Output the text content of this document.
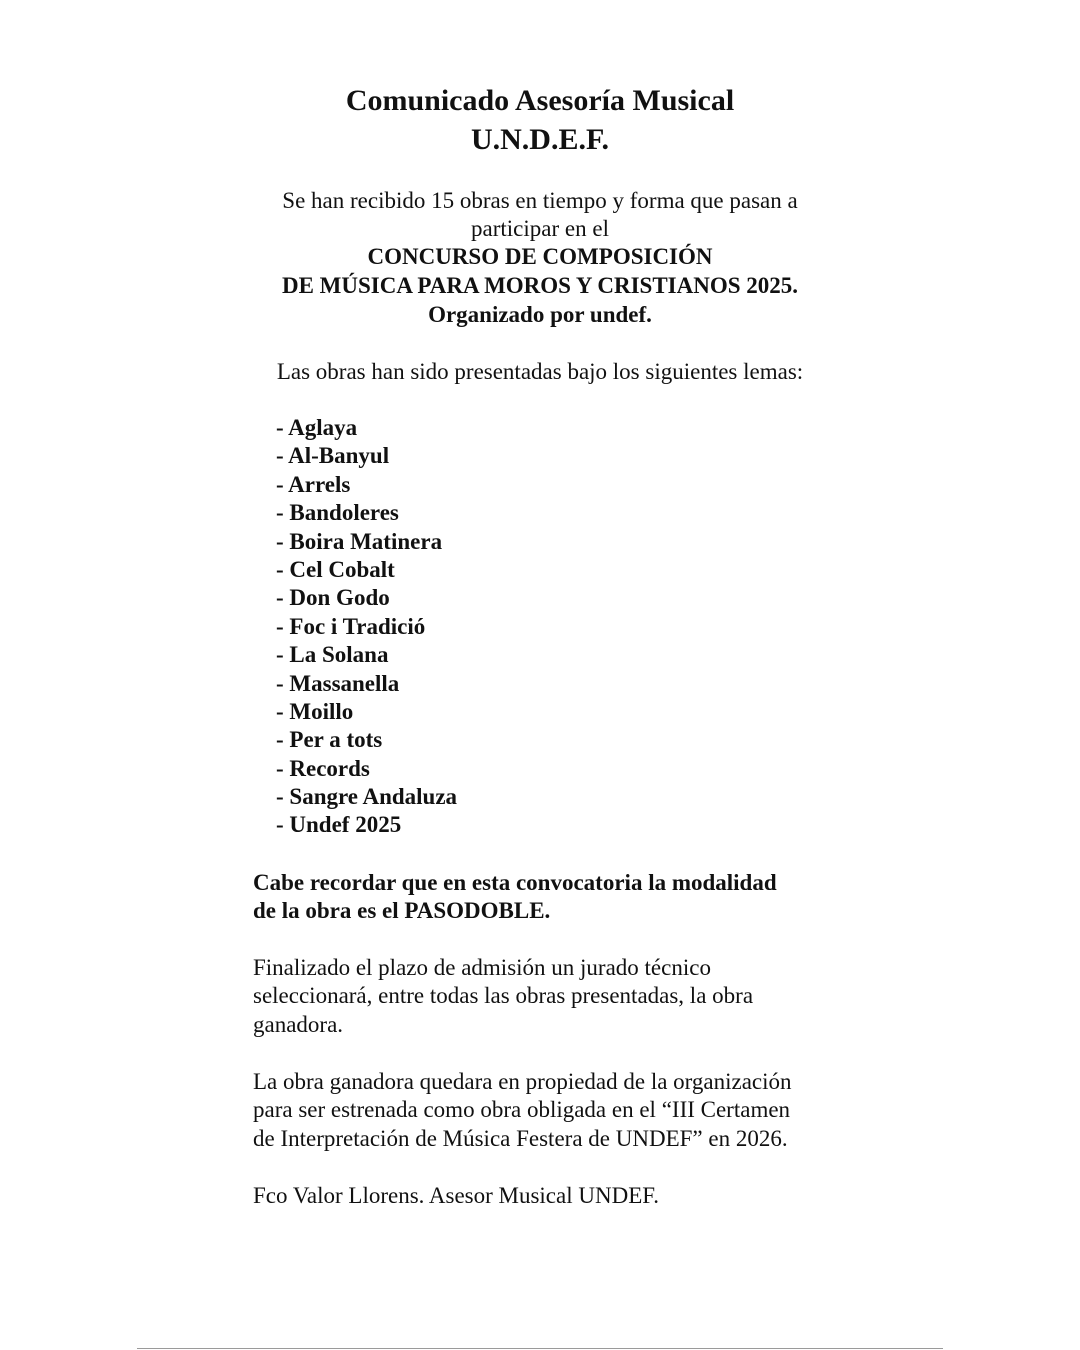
Comunicado Asesoría Musical
U.N.D.E.F.

Se han recibido 15 obras en tiempo y forma que pasan a

participar en el

CONCURSO DE COMPOSICIÓN

DE MÚSICA PARA MOROS Y CRISTIANOS 2025.

Organizado por undef.

Las obras han sido presentadas bajo los siguientes lemas:

- Aglaya
- Al-Banyul
- Arrels
- Bandoleres
- Boira Matinera
- Cel Cobalt
- Don Godo
- Foc i Tradició
- La Solana
- Massanella
- Moillo
- Per a tots
- Records
- Sangre Andaluza
- Undef 2025

Cabe recordar que en esta convocatoria la modalidad
de la obra es el PASODOBLE.

Finalizado el plazo de admisión un jurado técnico
seleccionará, entre todas las obras presentadas, la obra
ganadora.

La obra ganadora quedara en propiedad de la organización
para ser estrenada como obra obligada en el “III Certamen
de Interpretación de Música Festera de UNDEF” en 2026.

Fco Valor Llorens. Asesor Musical UNDEF.
